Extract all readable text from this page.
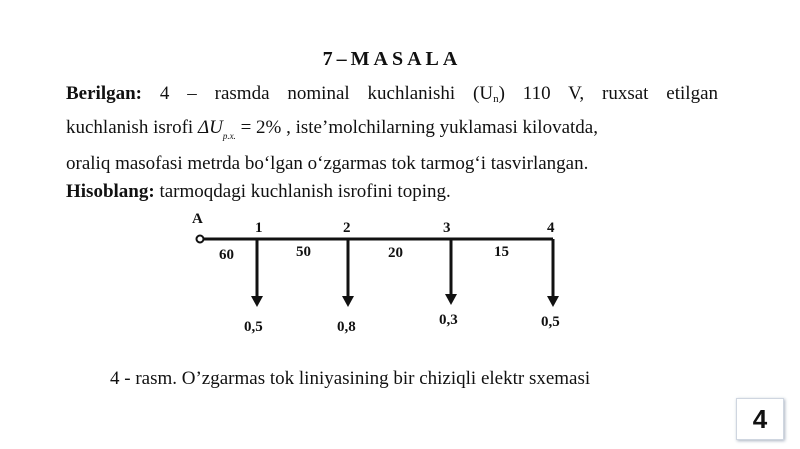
7–MASALA
Berilgan: 4 – rasmda nominal kuchlanishi $(U_n)$ 110 V, ruxsat etilgan
kuchlanish isrofi $\Delta U_{p.x.} = 2\%$ , iste’molchilarning yuklamasi kilovatda,
oraliq masofasi metrda bo‘lgan o‘zgarmas tok tarmog‘i tasvirlangan.
Hisoblang: tarmoqdagi kuchlanish isrofini toping.
A
1	2	3	4
60	50	20	15
0,5	0,8	0,3	0,5
4 - rasm. O’zgarmas tok liniyasining bir chiziqli elektr sxemasi
4
